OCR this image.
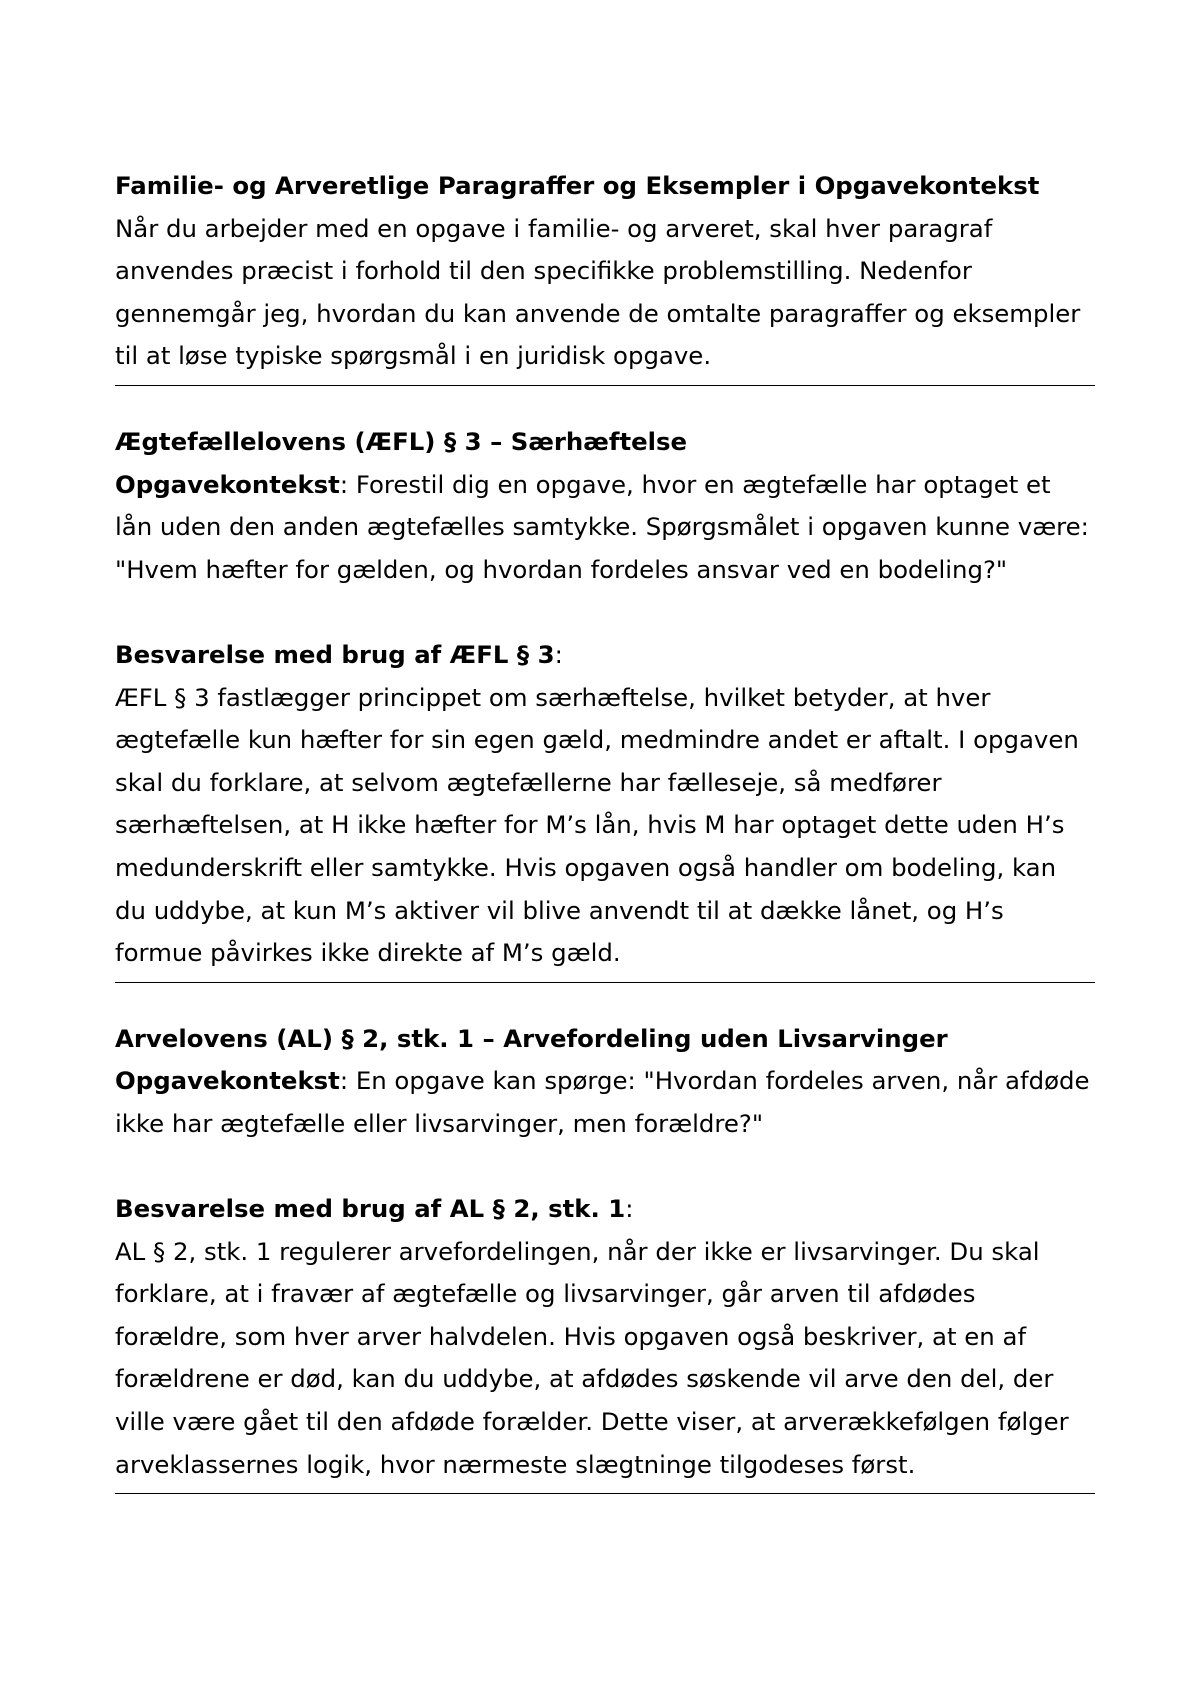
Familie- og Arveretlige Paragraffer og Eksempler i Opgavekontekst

Når du arbejder med en opgave i familie- og arveret, skal hver paragraf

anvendes præcist i forhold til den specifikke problemstilling. Nedenfor

gennemgår jeg, hvordan du kan anvende de omtalte paragraffer og eksempler

til at løse typiske spørgsmål i en juridisk opgave.

Ægtefællelovens (ÆFL) § 3 – Særhæftelse

Opgavekontekst: Forestil dig en opgave, hvor en ægtefælle har optaget et

lån uden den anden ægtefælles samtykke. Spørgsmålet i opgaven kunne være:

"Hvem hæfter for gælden, og hvordan fordeles ansvar ved en bodeling?"

Besvarelse med brug af ÆFL § 3:

ÆFL § 3 fastlægger princippet om særhæftelse, hvilket betyder, at hver

ægtefælle kun hæfter for sin egen gæld, medmindre andet er aftalt. I opgaven

skal du forklare, at selvom ægtefællerne har fælleseje, så medfører

særhæftelsen, at H ikke hæfter for M’s lån, hvis M har optaget dette uden H’s

medunderskrift eller samtykke. Hvis opgaven også handler om bodeling, kan

du uddybe, at kun M’s aktiver vil blive anvendt til at dække lånet, og H’s

formue påvirkes ikke direkte af M’s gæld.

Arvelovens (AL) § 2, stk. 1 – Arvefordeling uden Livsarvinger

Opgavekontekst: En opgave kan spørge: "Hvordan fordeles arven, når afdøde

ikke har ægtefælle eller livsarvinger, men forældre?"

Besvarelse med brug af AL § 2, stk. 1:

AL § 2, stk. 1 regulerer arvefordelingen, når der ikke er livsarvinger. Du skal

forklare, at i fravær af ægtefælle og livsarvinger, går arven til afdødes

forældre, som hver arver halvdelen. Hvis opgaven også beskriver, at en af

forældrene er død, kan du uddybe, at afdødes søskende vil arve den del, der

ville være gået til den afdøde forælder. Dette viser, at arverækkefølgen følger

arveklassernes logik, hvor nærmeste slægtninge tilgodeses først.
